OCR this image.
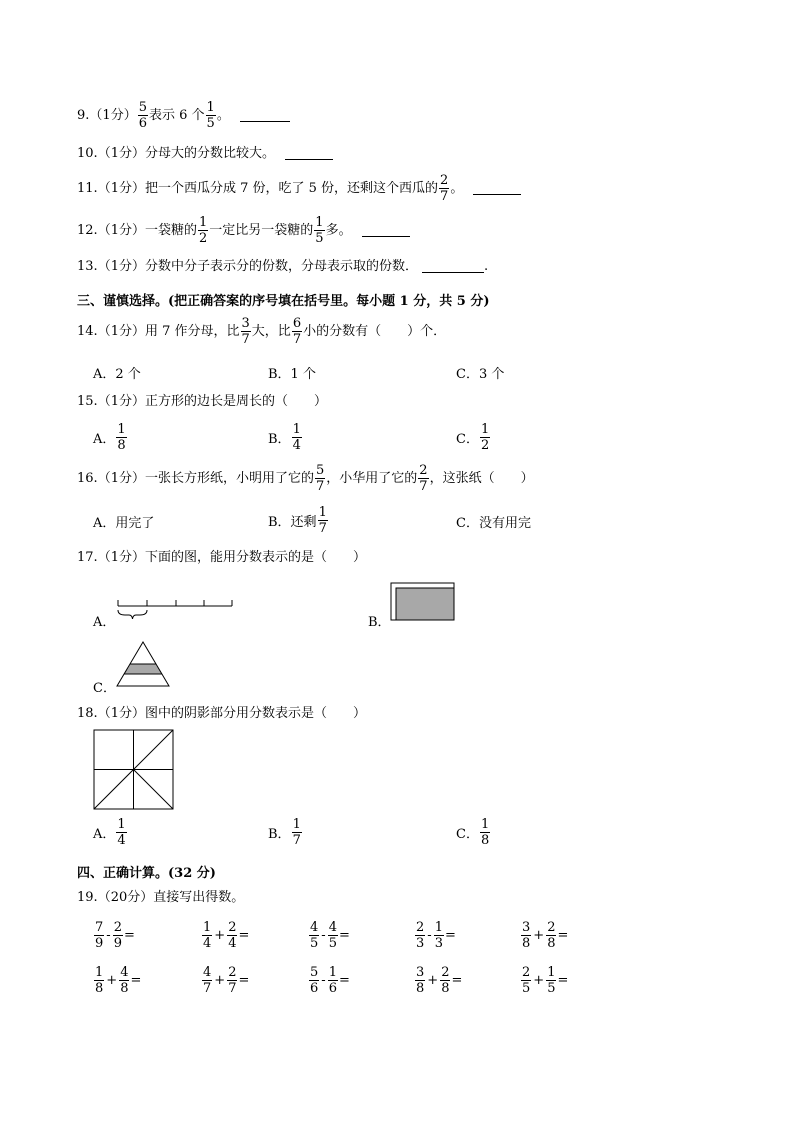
9 . （1分） $\frac{5}{6}$ 表示 6 个 $\frac{1}{5}$ 。
10 . （1分） 分母大的分数比较大。
11 . （1分） 把一个西瓜分成 7 份，吃了 5 份，还剩这个西瓜的 $\frac{2}{7}$ 。
12 . （1分） 一袋糖的 $\frac{1}{2}$ 一定比另一袋糖的 $\frac{1}{5}$ 多。
13 . （1分） 分数中分子表示分的份数，分母表示取的份数．	.
三、谨慎选择。(把正确答案的序号填在括号里。每小题 1 分，共 5 分)
14 . （1分） 用 7 作分母，比 $\frac{3}{7}$ 大，比 $\frac{6}{7}$ 小的分数有（　　）个．
A．2 个	B．1 个	C．3 个
15 . （1分） 正方形的边长是周长的（　　）
A． $\frac{1}{8}$	B． $\frac{1}{4}$	C． $\frac{1}{2}$
16 . （1分） 一张长方形纸，小明用了它的 $\frac{5}{7}$ ，小华用了它的 $\frac{2}{7}$ ，这张纸（　　）
A．用完了	B．还剩 $\frac{1}{7}$	C．没有用完
17 . （1分） 下面的图，能用分数表示的是（　　）
A．	B．
C．
18 . （1分） 图中的阴影部分用分数表示是（　　）
A． $\frac{1}{4}$	B． $\frac{1}{7}$	C． $\frac{1}{8}$
四、正确计算。(32 分)
19 . （20分） 直接写出得数。
$\frac{7}{9} - \frac{2}{9}$ =	$\frac{1}{4} + \frac{2}{4}$ =	$\frac{4}{5} - \frac{4}{5}$ =	$\frac{2}{3} - \frac{1}{3}$ =	$\frac{3}{8} + \frac{2}{8}$ =
$\frac{1}{8} + \frac{4}{8}$ =	$\frac{4}{7} + \frac{2}{7}$ =	$\frac{5}{6} - \frac{1}{6}$ =	$\frac{3}{8} + \frac{2}{8}$ =	$\frac{2}{5} + \frac{1}{5}$ =
